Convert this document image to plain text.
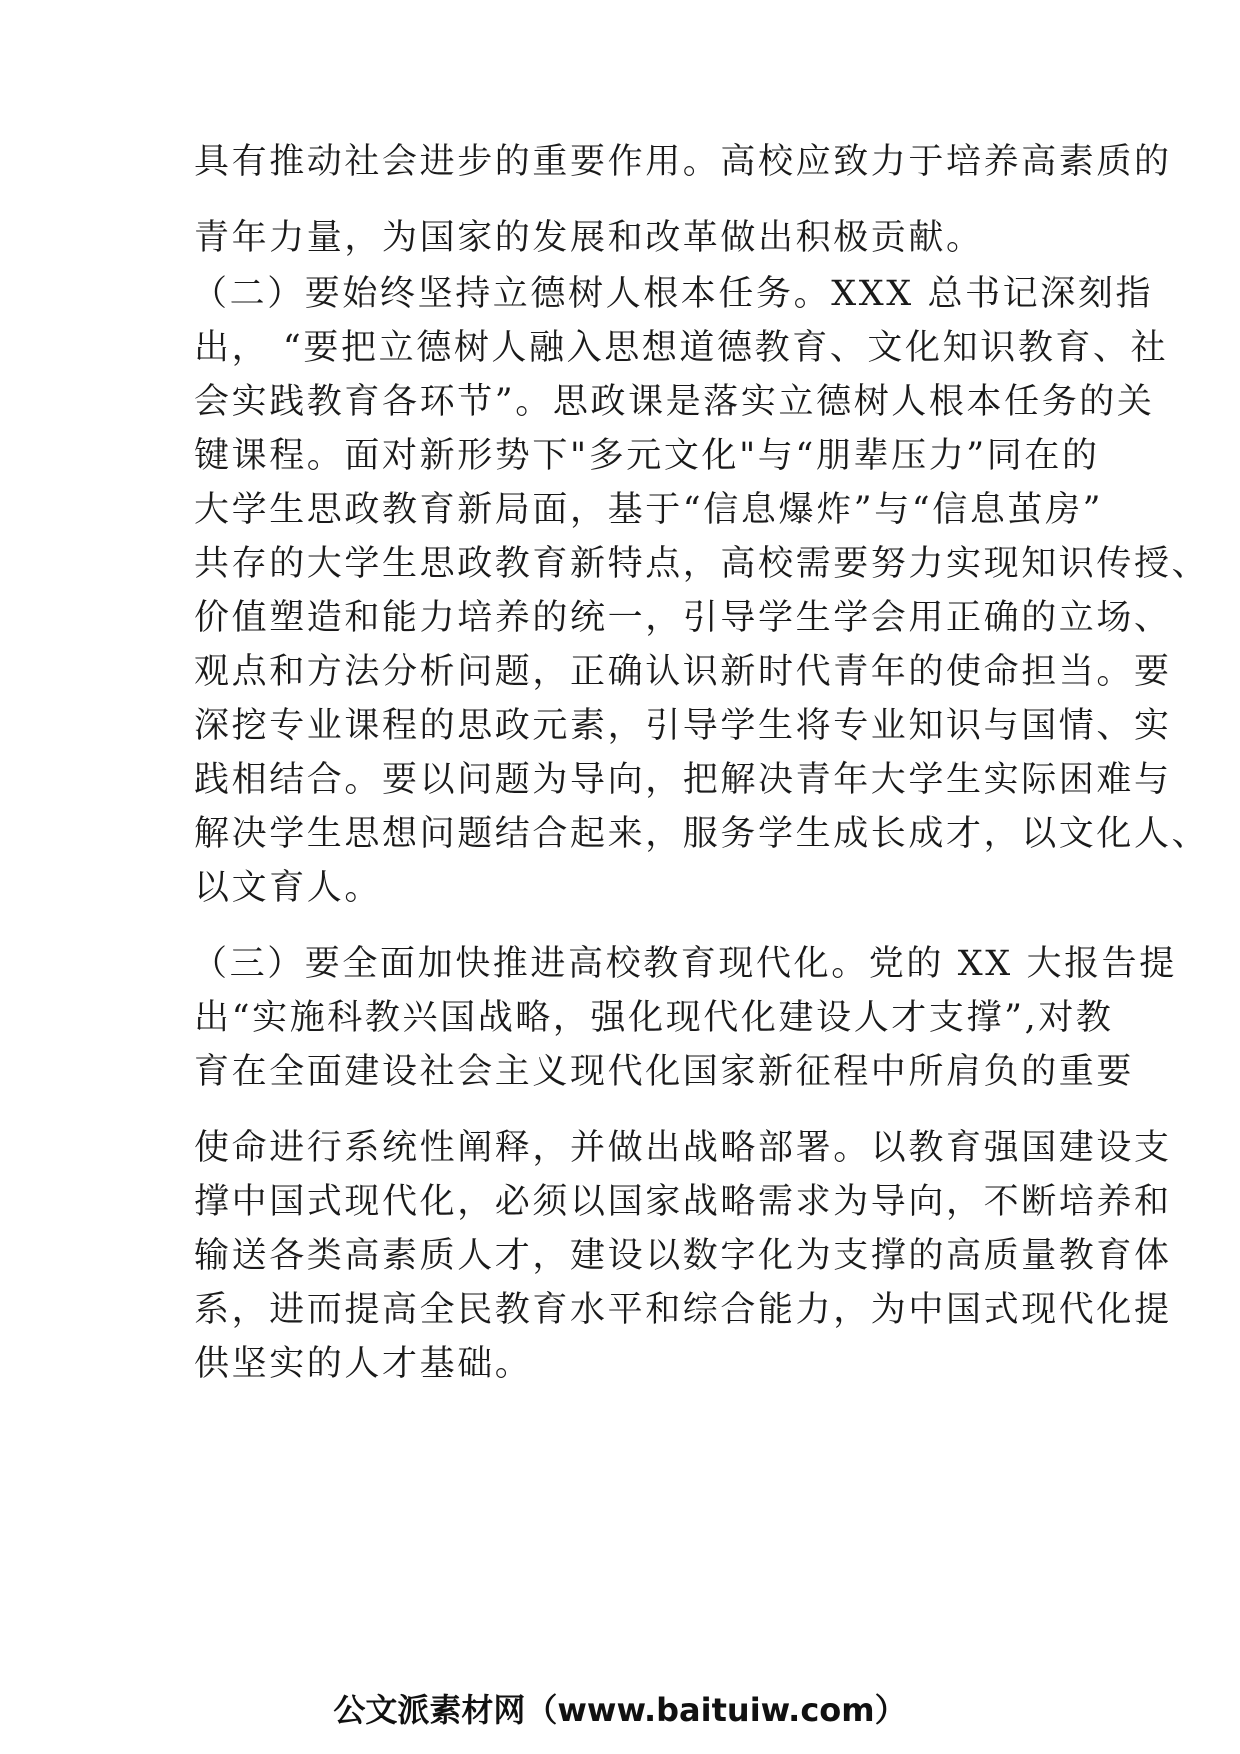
具有推动社会进步的重要作用。高校应致力于培养高素质的
青年力量，为国家的发展和改革做出积极贡献。
（二）要始终坚持立德树人根本任务。XXX 总书记深刻指
出， “要把立德树人融入思想道德教育、文化知识教育、社
会实践教育各环节”。思政课是落实立德树人根本任务的关
键课程。面对新形势下"多元文化"与“朋辈压力”同在的
大学生思政教育新局面，基于“信息爆炸”与“信息茧房”
共存的大学生思政教育新特点，高校需要努力实现知识传授、
价值塑造和能力培养的统一，引导学生学会用正确的立场、
观点和方法分析问题，正确认识新时代青年的使命担当。要
深挖专业课程的思政元素，引导学生将专业知识与国情、实
践相结合。要以问题为导向，把解决青年大学生实际困难与
解决学生思想问题结合起来，服务学生成长成才，以文化人、
以文育人。
（三）要全面加快推进高校教育现代化。党的 XX 大报告提
出“实施科教兴国战略，强化现代化建设人才支撑”,对教
育在全面建设社会主义现代化国家新征程中所肩负的重要
使命进行系统性阐释，并做出战略部署。以教育强国建设支
撑中国式现代化，必须以国家战略需求为导向，不断培养和
输送各类高素质人才，建设以数字化为支撑的高质量教育体
系，进而提高全民教育水平和综合能力，为中国式现代化提
供坚实的人才基础。
公文派素材网（www.baituiw.com）
